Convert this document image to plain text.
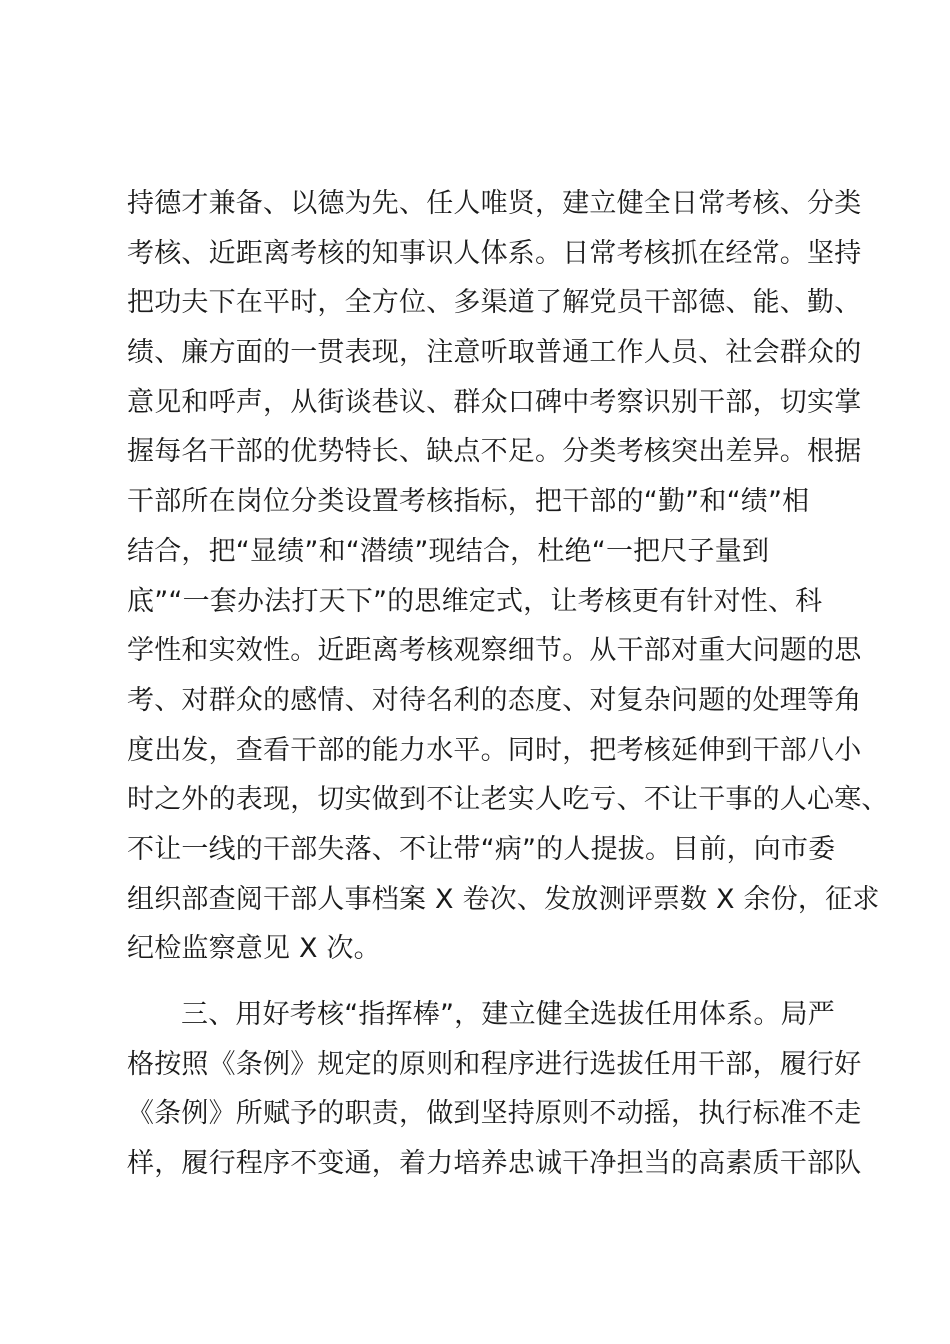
持德才兼备、以德为先、任人唯贤，建立健全日常考核、分类
考核、近距离考核的知事识人体系。日常考核抓在经常。坚持
把功夫下在平时，全方位、多渠道了解党员干部德、能、勤、
绩、廉方面的一贯表现，注意听取普通工作人员、社会群众的
意见和呼声，从街谈巷议、群众口碑中考察识别干部，切实掌
握每名干部的优势特长、缺点不足。分类考核突出差异。根据
干部所在岗位分类设置考核指标，把干部的“勤”和“绩”相
结合，把“显绩”和“潜绩”现结合，杜绝“一把尺子量到
底”“一套办法打天下”的思维定式，让考核更有针对性、科
学性和实效性。近距离考核观察细节。从干部对重大问题的思
考、对群众的感情、对待名利的态度、对复杂问题的处理等角
度出发，查看干部的能力水平。同时，把考核延伸到干部八小
时之外的表现，切实做到不让老实人吃亏、不让干事的人心寒、
不让一线的干部失落、不让带“病”的人提拔。目前，向市委
组织部查阅干部人事档案 X 卷次、发放测评票数 X 余份，征求
纪检监察意见 X 次。
三、用好考核“指挥棒”，建立健全选拔任用体系。局严
格按照《条例》规定的原则和程序进行选拔任用干部，履行好
《条例》所赋予的职责，做到坚持原则不动摇，执行标准不走
样，履行程序不变通，着力培养忠诚干净担当的高素质干部队
